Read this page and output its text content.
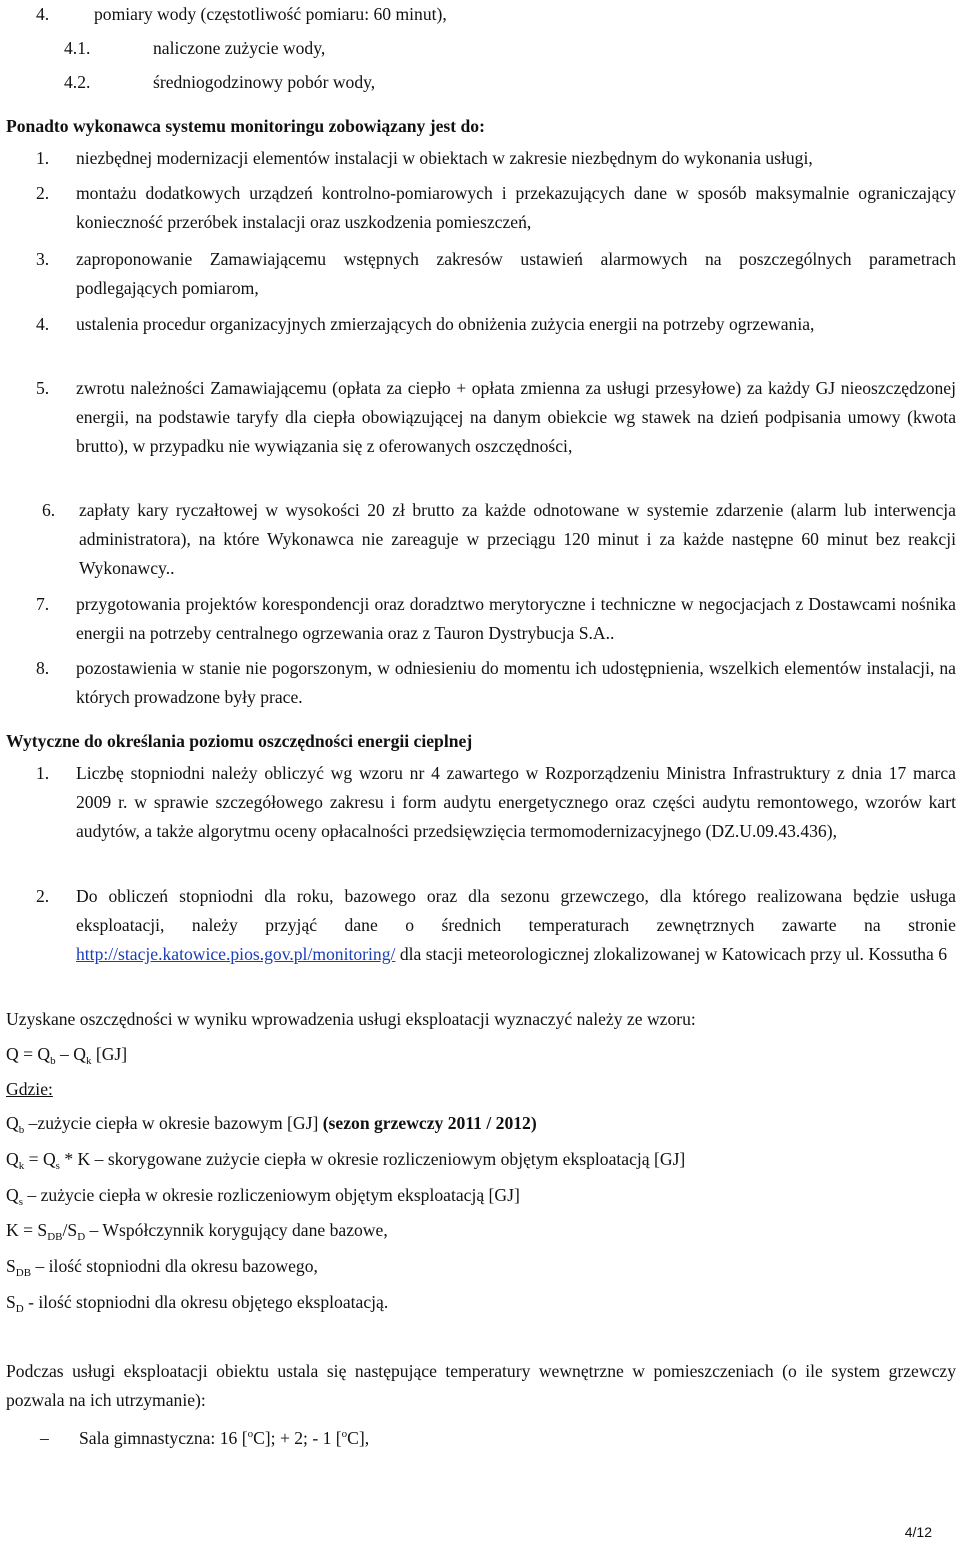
4.	pomiary wody (częstotliwość pomiaru: 60 minut),
4.1.	naliczone zużycie wody,
4.2.	średniogodzinowy pobór wody,
Ponadto wykonawca systemu monitoringu zobowiązany jest do:
1. niezbędnej modernizacji elementów instalacji w obiektach w zakresie niezbędnym do wykonania usługi,
2. montażu dodatkowych urządzeń kontrolno-pomiarowych i przekazujących dane w sposób maksymalnie ograniczający konieczność przeróbek instalacji oraz uszkodzenia pomieszczeń,
3. zaproponowanie Zamawiającemu wstępnych zakresów ustawień alarmowych na poszczególnych parametrach podlegających pomiarom,
4. ustalenia procedur organizacyjnych zmierzających do obniżenia zużycia energii na potrzeby ogrzewania,
5. zwrotu należności Zamawiającemu (opłata za ciepło + opłata zmienna za usługi przesyłowe) za każdy GJ nieoszczędzonej energii, na podstawie taryfy dla ciepła obowiązującej na danym obiekcie wg stawek na dzień podpisania umowy (kwota brutto), w przypadku nie wywiązania się z oferowanych oszczędności,
6. zapłaty kary ryczałtowej w wysokości 20 zł brutto za każde odnotowane w systemie zdarzenie (alarm lub interwencja administratora), na które Wykonawca nie zareaguje w przeciągu 120 minut i za każde następne 60 minut bez reakcji Wykonawcy..
7. przygotowania projektów korespondencji oraz doradztwo merytoryczne i techniczne w negocjacjach z Dostawcami nośnika energii na potrzeby centralnego ogrzewania oraz z Tauron Dystrybucja S.A..
8. pozostawienia w stanie nie pogorszonym, w odniesieniu do momentu ich udostępnienia, wszelkich elementów instalacji, na których prowadzone były prace.
Wytyczne do określania poziomu oszczędności energii cieplnej
1. Liczbę stopniodni należy obliczyć wg wzoru nr 4 zawartego w Rozporządzeniu Ministra Infrastruktury z dnia 17 marca 2009 r. w sprawie szczegółowego zakresu i form audytu energetycznego oraz części audytu remontowego, wzorów kart audytów, a także algorytmu oceny opłacalności przedsięwzięcia termomodernizacyjnego (DZ.U.09.43.436),
2. Do obliczeń stopniodni dla roku, bazowego oraz dla sezonu grzewczego, dla którego realizowana będzie usługa eksploatacji, należy przyjąć dane o średnich temperaturach zewnętrznych zawarte na stronie http://stacje.katowice.pios.gov.pl/monitoring/ dla stacji meteorologicznej zlokalizowanej w Katowicach przy ul. Kossutha 6
Uzyskane oszczędności w wyniku wprowadzenia usługi eksploatacji wyznaczyć należy ze wzoru:
$Q = Q_b - Q_k$ [GJ]
Gdzie:
$Q_b$ –zużycie ciepła w okresie bazowym [GJ] (sezon grzewczy 2011 / 2012)
$Q_k = Q_s * K$ – skorygowane zużycie ciepła w okresie rozliczeniowym objętym eksploatacją [GJ]
$Q_s$ – zużycie ciepła w okresie rozliczeniowym objętym eksploatacją [GJ]
$K = S_{DB}/S_D$ – Współczynnik korygujący dane bazowe,
$S_{DB}$ – ilość stopniodni dla okresu bazowego,
$S_D$ - ilość stopniodni dla okresu objętego eksploatacją.
Podczas usługi eksploatacji obiektu ustala się następujące temperatury wewnętrzne w pomieszczeniach (o ile system grzewczy pozwala na ich utrzymanie):
– Sala gimnastyczna: 16 [$^o$C]; + 2; - 1 [$^o$C],
4/12
